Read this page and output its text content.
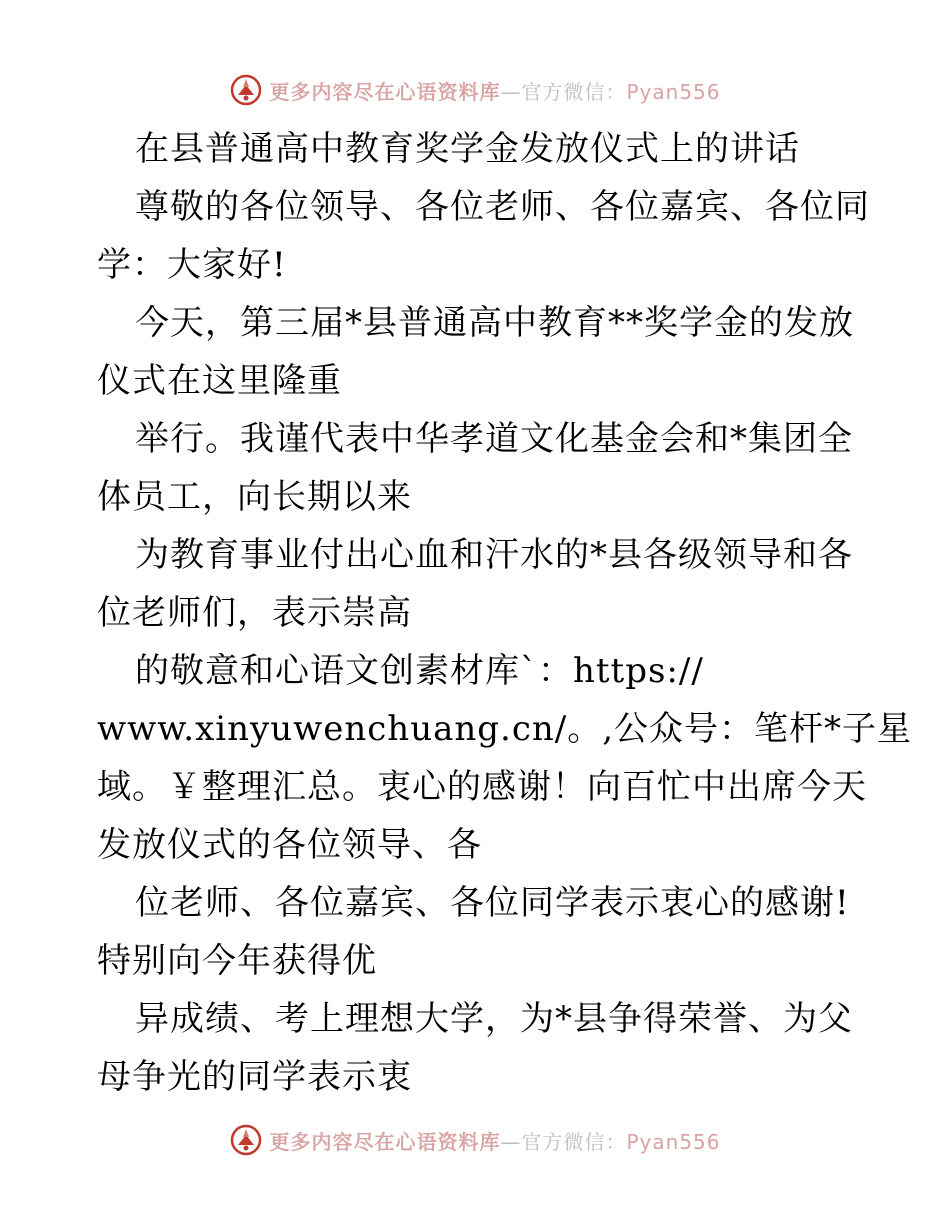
更多内容尽在心语资料库—官方微信：Pyan556
在县普通高中教育奖学金发放仪式上的讲话
尊敬的各位领导、各位老师、各位嘉宾、各位同
学：大家好!
今天，第三届*县普通高中教育**奖学金的发放
仪式在这里隆重
举行。我谨代表中华孝道文化基金会和*集团全
体员工，向长期以来
为教育事业付出心血和汗水的*县各级领导和各
位老师们，表示崇高
的敬意和心语文创素材库`：https://
www.xinyuwenchuang.cn/。,公众号：笔杆*子星
域。￥整理汇总。衷心的感谢！向百忙中出席今天
发放仪式的各位领导、各
位老师、各位嘉宾、各位同学表示衷心的感谢!
特别向今年获得优
异成绩、考上理想大学，为*县争得荣誉、为父
母争光的同学表示衷
更多内容尽在心语资料库—官方微信：Pyan556
